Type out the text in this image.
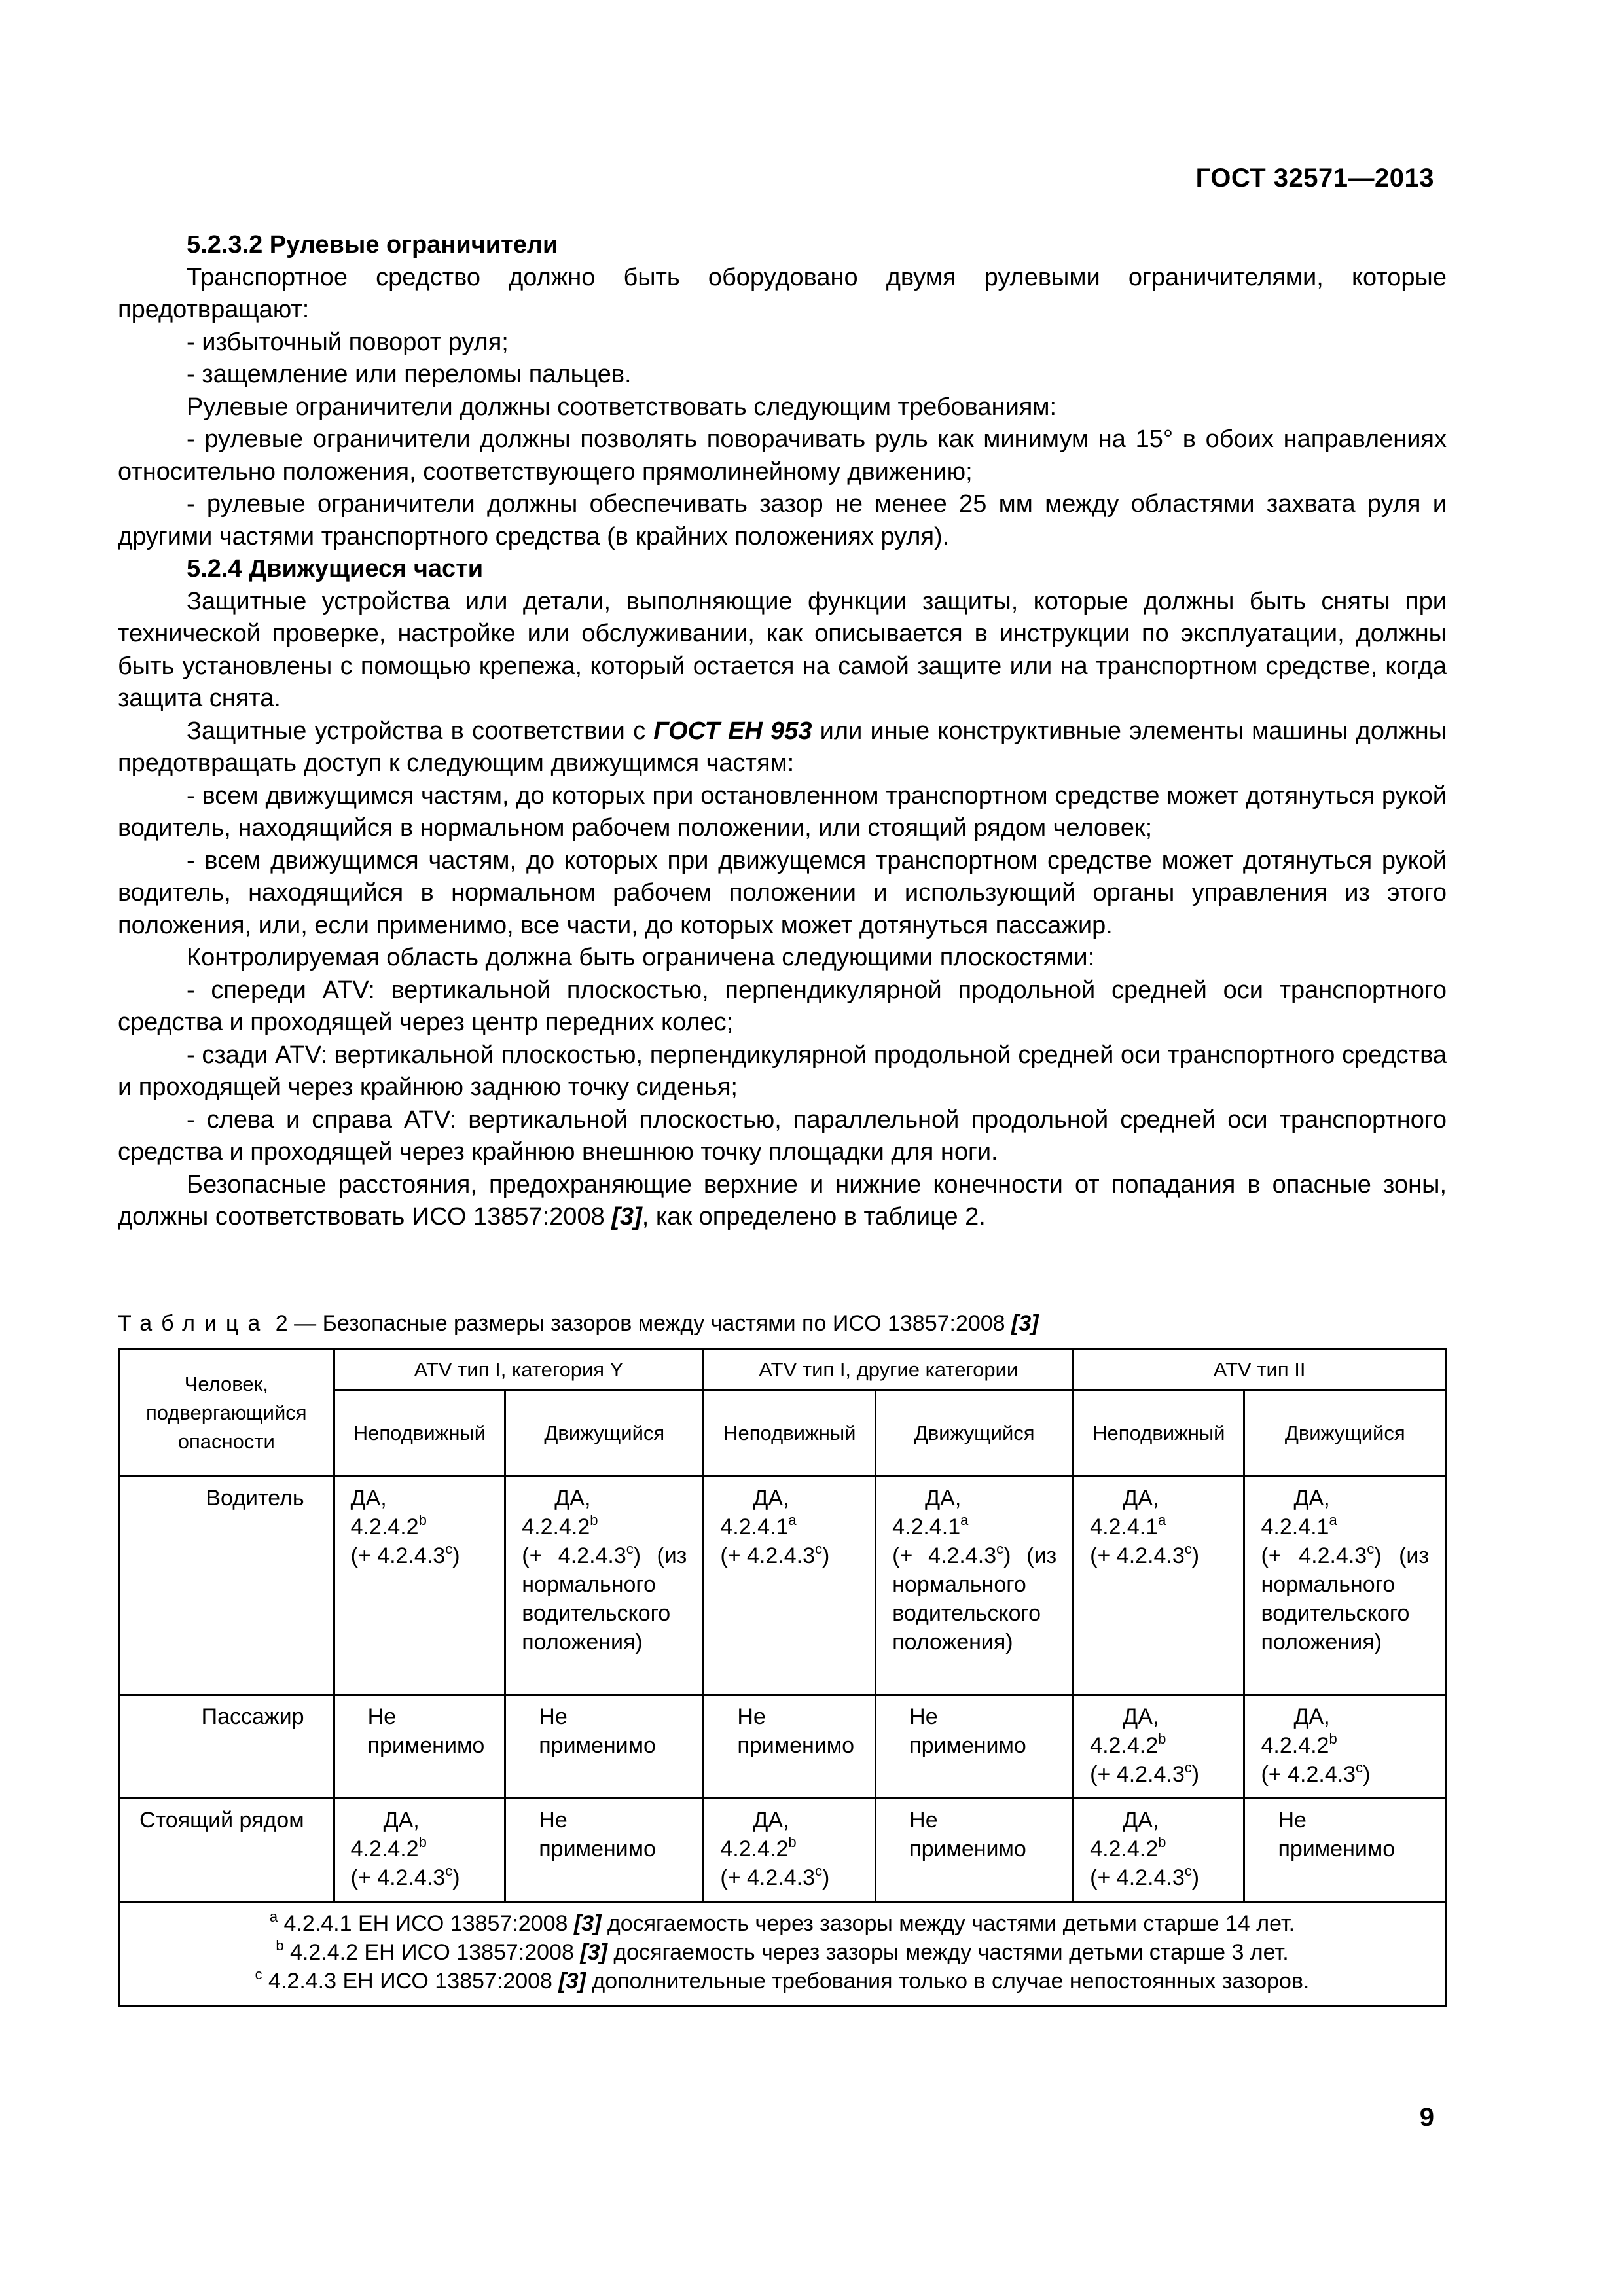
ГОСТ 32571—2013

5.2.3.2 Рулевые ограничители

Транспортное средство должно быть оборудовано двумя рулевыми ограничителями, которые предотвращают:

- избыточный поворот руля;

- защемление или переломы пальцев.

Рулевые ограничители должны соответствовать следующим требованиям:

- рулевые ограничители должны позволять поворачивать руль как минимум на 15° в обоих направлениях относительно положения, соответствующего прямолинейному движению;

- рулевые ограничители должны обеспечивать зазор не менее 25 мм между областями захвата руля и другими частями транспортного средства (в крайних положениях руля).

5.2.4 Движущиеся части

Защитные устройства или детали, выполняющие функции защиты, которые должны быть сняты при технической проверке, настройке или обслуживании, как описывается в инструкции по эксплуатации, должны быть установлены с помощью крепежа, который остается на самой защите или на транспортном средстве, когда защита снята.

Защитные устройства в соответствии с ГОСТ ЕН 953 или иные конструктивные элементы машины должны предотвращать доступ к следующим движущимся частям:

- всем движущимся частям, до которых при остановленном транспортном средстве может дотянуться рукой водитель, находящийся в нормальном рабочем положении, или стоящий рядом человек;

- всем движущимся частям, до которых при движущемся транспортном средстве может дотянуться рукой водитель, находящийся в нормальном рабочем положении и использующий органы управления из этого положения, или, если применимо, все части, до которых может дотянуться пассажир.

Контролируемая область должна быть ограничена следующими плоскостями:

- спереди ATV: вертикальной плоскостью, перпендикулярной продольной средней оси транспортного средства и проходящей через центр передних колес;

- сзади ATV: вертикальной плоскостью, перпендикулярной продольной средней оси транспортного средства и проходящей через крайнюю заднюю точку сиденья;

- слева и справа ATV: вертикальной плоскостью, параллельной продольной средней оси транспортного средства и проходящей через крайнюю внешнюю точку площадки для ноги.

Безопасные расстояния, предохраняющие верхние и нижние конечности от попадания в опасные зоны, должны соответствовать ИСО 13857:2008 [3], как определено в таблице 2.

Таблица 2 — Безопасные размеры зазоров между частями по ИСО 13857:2008 [3]
Человек, подвергающийся опасности	ATV тип I, категория Y		ATV тип I, другие категории		ATV тип II	
	Неподвижный	Движущийся	Неподвижный	Движущийся	Неподвижный	Движущийся

Водитель	ДА,
4.2.4.2$^b$
(+ 4.2.4.3$^c$)	ДА,
4.2.4.2$^b$
(+ 4.2.4.3$^c$) (из нормального водительского положения)	ДА,
4.2.4.1$^a$
(+ 4.2.4.3$^c$)	ДА,
4.2.4.1$^a$
(+ 4.2.4.3$^c$) (из нормального водительского положения)	ДА,
4.2.4.1$^a$
(+ 4.2.4.3$^c$)	ДА,
4.2.4.1$^a$
(+ 4.2.4.3$^c$) (из нормального водительского положения)

Пассажир	Не применимо	Не применимо	Не применимо	Не применимо	ДА,
4.2.4.2$^b$
(+ 4.2.4.3$^c$)	ДА,
4.2.4.2$^b$
(+ 4.2.4.3$^c$)

Стоящий рядом	ДА,
4.2.4.2$^b$
(+ 4.2.4.3$^c$)	Не применимо	ДА,
4.2.4.2$^b$
(+ 4.2.4.3$^c$)	Не применимо	ДА,
4.2.4.2$^b$
(+ 4.2.4.3$^c$)	Не применимо

$^a$ 4.2.4.1 ЕН ИСО 13857:2008 [3] досягаемость через зазоры между частями детьми старше 14 лет.
$^b$ 4.2.4.2 ЕН ИСО 13857:2008 [3] досягаемость через зазоры между частями детьми старше 3 лет.
$^c$ 4.2.4.3 ЕН ИСО 13857:2008 [3] дополнительные требования только в случае непостоянных зазоров.						
9
